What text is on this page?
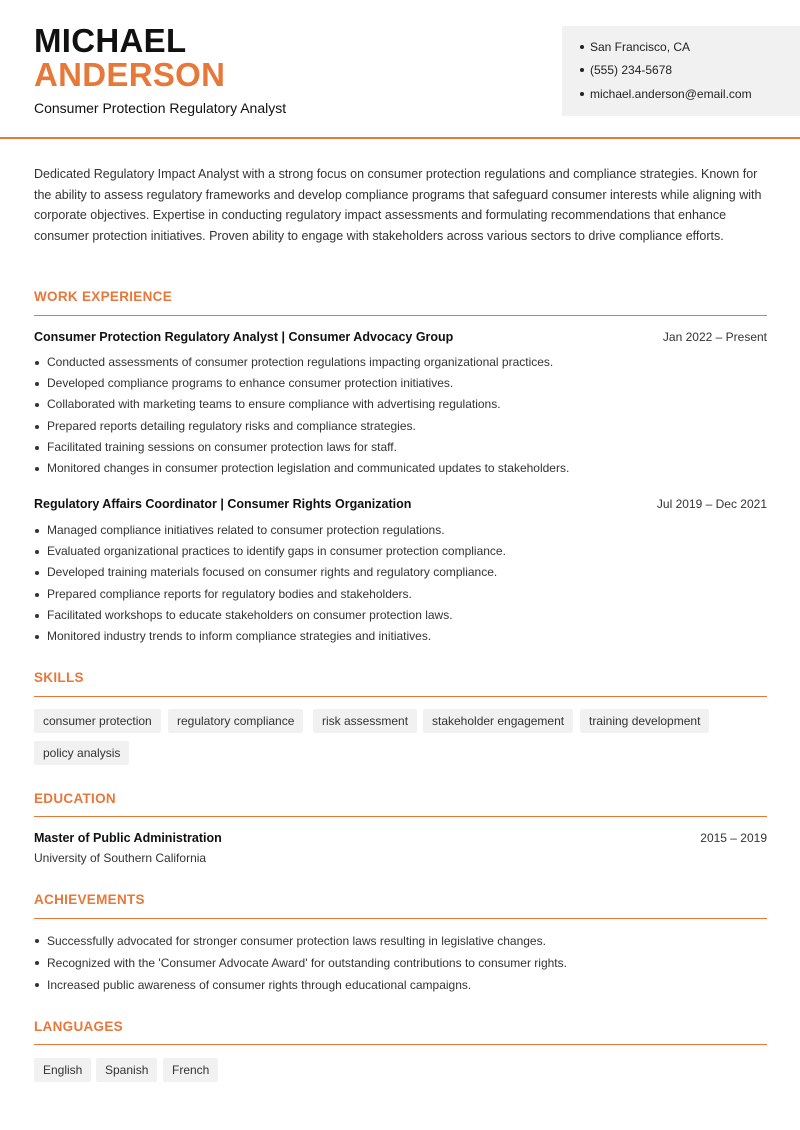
MICHAEL
ANDERSON
Consumer Protection Regulatory Analyst
San Francisco, CA
(555) 234-5678
michael.anderson@email.com
Dedicated Regulatory Impact Analyst with a strong focus on consumer protection regulations and compliance strategies. Known for the ability to assess regulatory frameworks and develop compliance programs that safeguard consumer interests while aligning with corporate objectives. Expertise in conducting regulatory impact assessments and formulating recommendations that enhance consumer protection initiatives. Proven ability to engage with stakeholders across various sectors to drive compliance efforts.
WORK EXPERIENCE
Consumer Protection Regulatory Analyst | Consumer Advocacy Group	Jan 2022 – Present
Conducted assessments of consumer protection regulations impacting organizational practices.
Developed compliance programs to enhance consumer protection initiatives.
Collaborated with marketing teams to ensure compliance with advertising regulations.
Prepared reports detailing regulatory risks and compliance strategies.
Facilitated training sessions on consumer protection laws for staff.
Monitored changes in consumer protection legislation and communicated updates to stakeholders.
Regulatory Affairs Coordinator | Consumer Rights Organization	Jul 2019 – Dec 2021
Managed compliance initiatives related to consumer protection regulations.
Evaluated organizational practices to identify gaps in consumer protection compliance.
Developed training materials focused on consumer rights and regulatory compliance.
Prepared compliance reports for regulatory bodies and stakeholders.
Facilitated workshops to educate stakeholders on consumer protection laws.
Monitored industry trends to inform compliance strategies and initiatives.
SKILLS
consumer protection	regulatory compliance	risk assessment	stakeholder engagement	training development
policy analysis
EDUCATION
Master of Public Administration	2015 – 2019
University of Southern California
ACHIEVEMENTS
Successfully advocated for stronger consumer protection laws resulting in legislative changes.
Recognized with the 'Consumer Advocate Award' for outstanding contributions to consumer rights.
Increased public awareness of consumer rights through educational campaigns.
LANGUAGES
English	Spanish	French
